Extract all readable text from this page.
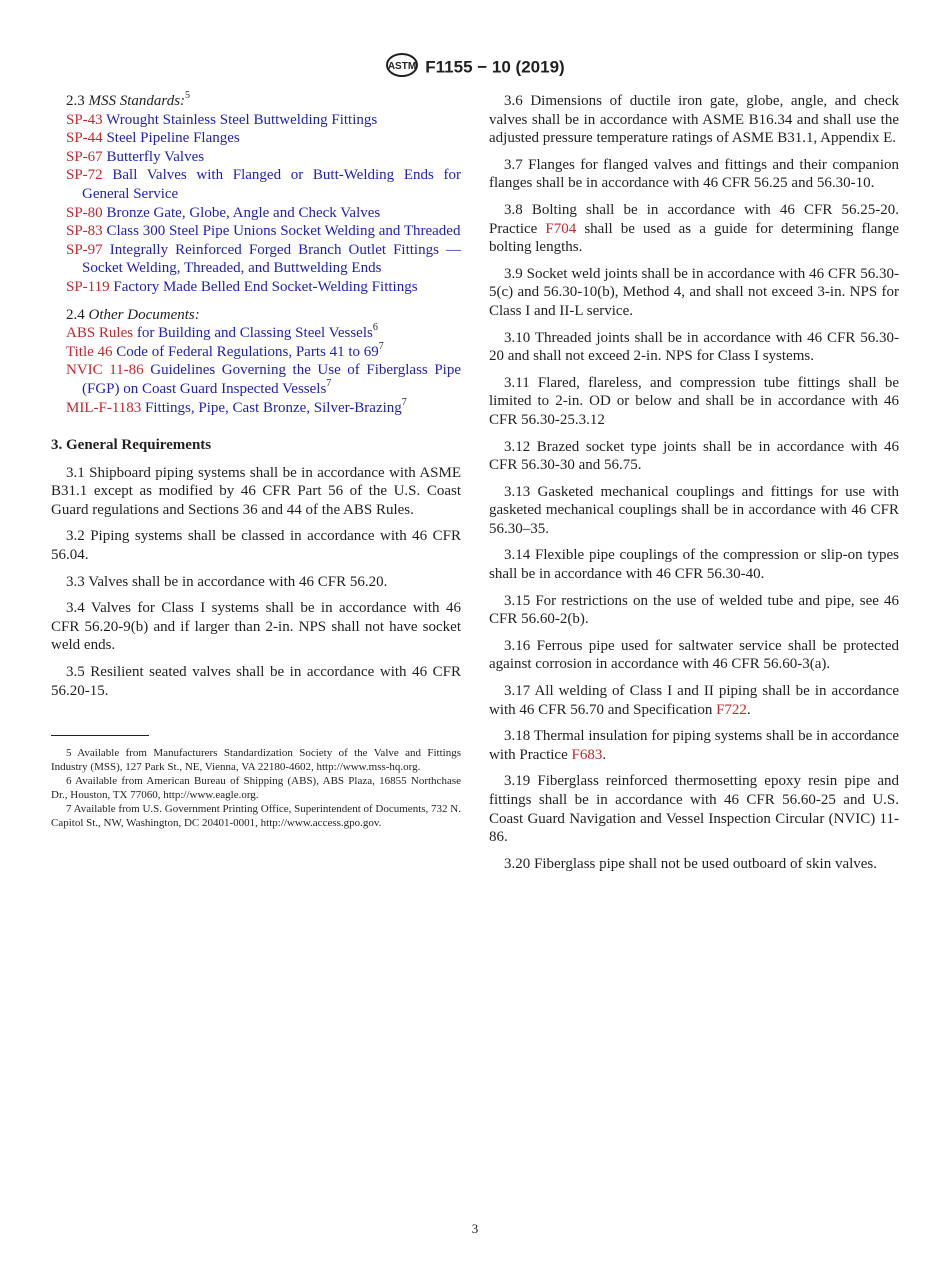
ASTM F1155 − 10 (2019)

2.3 MSS Standards:$^5$

SP-43 Wrought Stainless Steel Buttwelding Fittings

SP-44 Steel Pipeline Flanges

SP-67 Butterfly Valves

SP-72 Ball Valves with Flanged or Butt-Welding Ends for General Service

SP-80 Bronze Gate, Globe, Angle and Check Valves

SP-83 Class 300 Steel Pipe Unions Socket Welding and Threaded

SP-97 Integrally Reinforced Forged Branch Outlet Fittings — Socket Welding, Threaded, and Buttwelding Ends

SP-119 Factory Made Belled End Socket-Welding Fittings

2.4 Other Documents:

ABS Rules for Building and Classing Steel Vessels$^6$

Title 46 Code of Federal Regulations, Parts 41 to $69^7$

NVIC 11-86 Guidelines Governing the Use of Fiberglass Pipe (FGP) on Coast Guard Inspected Vessels$^7$

MIL-F-1183 Fittings, Pipe, Cast Bronze, Silver-Brazing$^7$

3. General Requirements

3.1 Shipboard piping systems shall be in accordance with ASME B31.1 except as modified by 46 CFR Part 56 of the U.S. Coast Guard regulations and Sections 36 and 44 of the ABS Rules.

3.2 Piping systems shall be classed in accordance with 46 CFR 56.04.

3.3 Valves shall be in accordance with 46 CFR 56.20.

3.4 Valves for Class I systems shall be in accordance with 46 CFR 56.20-9(b) and if larger than 2-in. NPS shall not have socket weld ends.

3.5 Resilient seated valves shall be in accordance with 46 CFR 56.20-15.

5 Available from Manufacturers Standardization Society of the Valve and Fittings Industry (MSS), 127 Park St., NE, Vienna, VA 22180-4602, http://www.mss-hq.org.

6 Available from American Bureau of Shipping (ABS), ABS Plaza, 16855 Northchase Dr., Houston, TX 77060, http://www.eagle.org.

7 Available from U.S. Government Printing Office, Superintendent of Documents, 732 N. Capitol St., NW, Washington, DC 20401-0001, http://www.access.gpo.gov.

3.6 Dimensions of ductile iron gate, globe, angle, and check valves shall be in accordance with ASME B16.34 and shall use the adjusted pressure temperature ratings of ASME B31.1, Appendix E.

3.7 Flanges for flanged valves and fittings and their companion flanges shall be in accordance with 46 CFR 56.25 and 56.30-10.

3.8 Bolting shall be in accordance with 46 CFR 56.25-20. Practice F704 shall be used as a guide for determining flange bolting lengths.

3.9 Socket weld joints shall be in accordance with 46 CFR 56.30-5(c) and 56.30-10(b), Method 4, and shall not exceed 3-in. NPS for Class I and II-L service.

3.10 Threaded joints shall be in accordance with 46 CFR 56.30-20 and shall not exceed 2-in. NPS for Class I systems.

3.11 Flared, flareless, and compression tube fittings shall be limited to 2-in. OD or below and shall be in accordance with 46 CFR 56.30-25.3.12

3.12 Brazed socket type joints shall be in accordance with 46 CFR 56.30-30 and 56.75.

3.13 Gasketed mechanical couplings and fittings for use with gasketed mechanical couplings shall be in accordance with 46 CFR 56.30–35.

3.14 Flexible pipe couplings of the compression or slip-on types shall be in accordance with 46 CFR 56.30-40.

3.15 For restrictions on the use of welded tube and pipe, see 46 CFR 56.60-2(b).

3.16 Ferrous pipe used for saltwater service shall be protected against corrosion in accordance with 46 CFR 56.60-3(a).

3.17 All welding of Class I and II piping shall be in accordance with 46 CFR 56.70 and Specification F722.

3.18 Thermal insulation for piping systems shall be in accordance with Practice F683.

3.19 Fiberglass reinforced thermosetting epoxy resin pipe and fittings shall be in accordance with 46 CFR 56.60-25 and U.S. Coast Guard Navigation and Vessel Inspection Circular (NVIC) 11-86.

3.20 Fiberglass pipe shall not be used outboard of skin valves.

3
